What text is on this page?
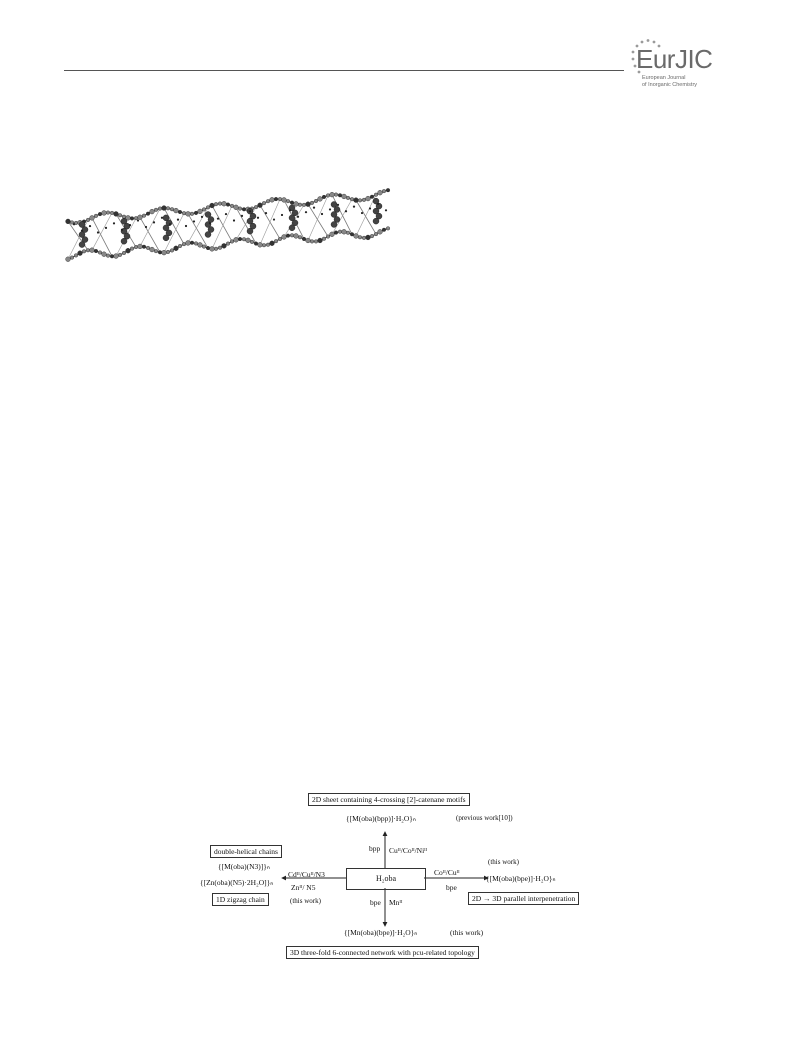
EurJIC
European Journal
of Inorganic Chemistry
2D sheet containing 4-crossing [2]-catenane motifs
{[M(oba)(bpp)]·H₂O}ₙ	(previous work[10])
bpp Cuᴵᴵ/Coᴵᴵ/Niᴵᴵ
H₂oba
double-helical chains
{[M(oba)(N3)]}ₙ
{[Zn(oba)(N5)·2H₂O]}ₙ
Cdᴵᴵ/Cuᴵᴵ/N3
Znᴵᴵ/ N5
1D zigzag chain	(this work)
(this work)
Coᴵᴵ/Cuᴵᴵ
bpe
{[M(oba)(bpe)]·H₂O}ₙ
2D → 3D parallel interpenetration
bpe Mnᴵᴵ
{[Mn(oba)(bpe)]·H₂O}ₙ	(this work)
3D three-fold 6-connected network with pcu-related topology
